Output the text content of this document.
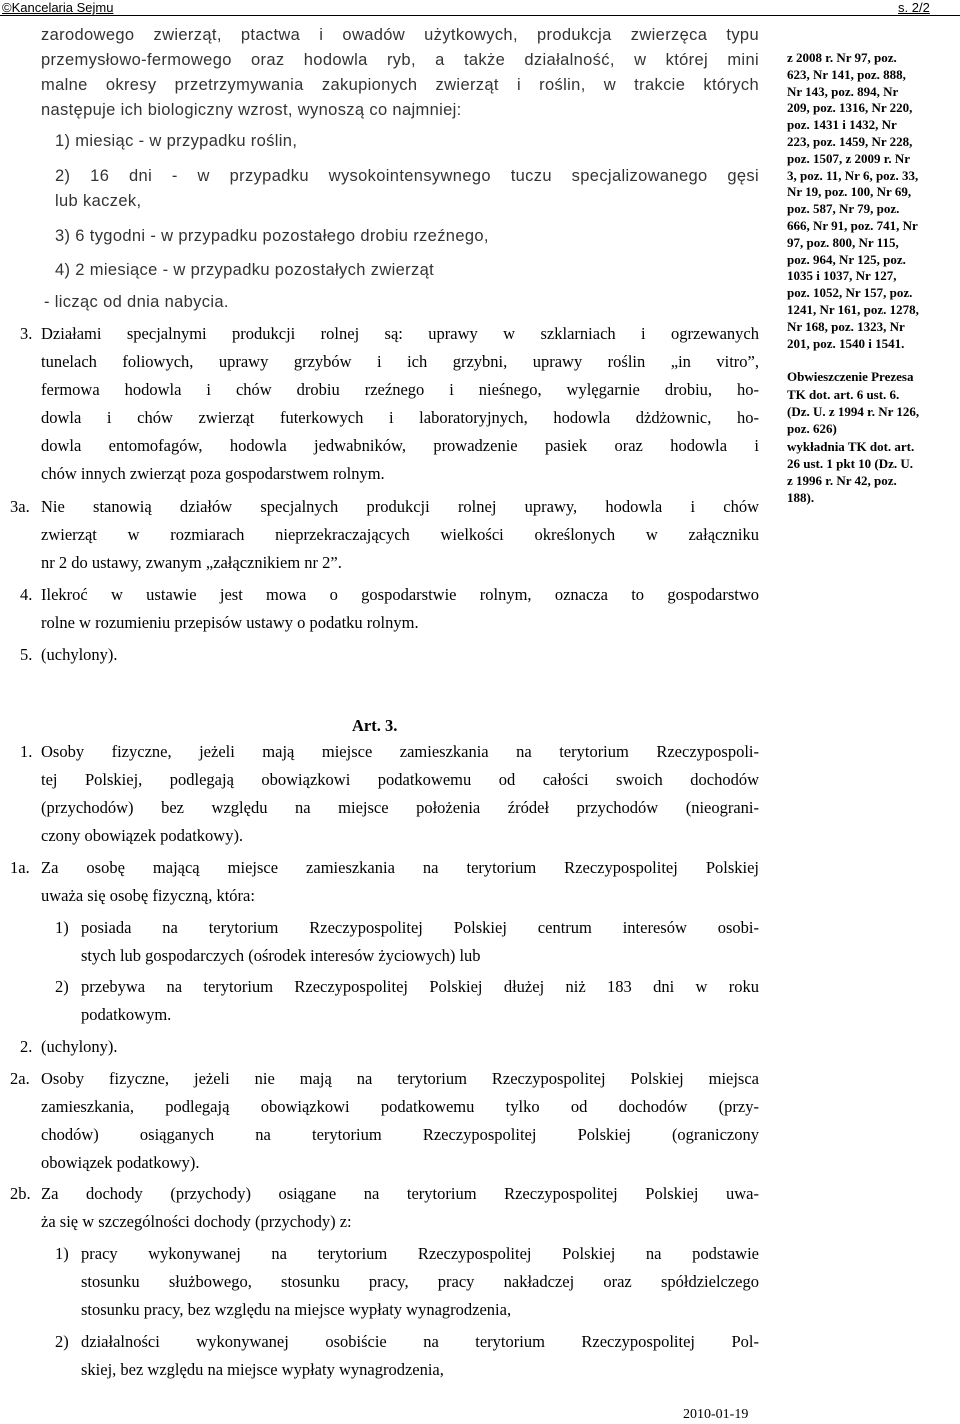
©Kancelaria Sejmu	s. 2/2
zarodowego zwierząt, ptactwa i owadów użytkowych, produkcja zwierzęca typu
przemysłowo-fermowego oraz hodowla ryb, a także działalność, w której mini
malne okresy przetrzymywania zakupionych zwierząt i roślin, w trakcie których
następuje ich biologiczny wzrost, wynoszą co najmniej:
1) miesiąc - w przypadku roślin,
2) 16 dni - w przypadku wysokointensywnego tuczu specjalizowanego gęsi
lub kaczek,
3) 6 tygodni - w przypadku pozostałego drobiu rzeźnego,
4) 2 miesiące - w przypadku pozostałych zwierząt
- licząc od dnia nabycia.
3. Działami specjalnymi produkcji rolnej są: uprawy w szklarniach i ogrzewanych
tunelach foliowych, uprawy grzybów i ich grzybni, uprawy roślin „in vitro”,
fermowa hodowla i chów drobiu rzeźnego i nieśnego, wylęgarnie drobiu, ho-
dowla i chów zwierząt futerkowych i laboratoryjnych, hodowla dżdżownic, ho-
dowla entomofagów, hodowla jedwabników, prowadzenie pasiek oraz hodowla i
chów innych zwierząt poza gospodarstwem rolnym.
3a. Nie stanowią działów specjalnych produkcji rolnej uprawy, hodowla i chów
zwierząt w rozmiarach nieprzekraczających wielkości określonych w załączniku
nr 2 do ustawy, zwanym „załącznikiem nr 2”.
4. Ilekroć w ustawie jest mowa o gospodarstwie rolnym, oznacza to gospodarstwo
rolne w rozumieniu przepisów ustawy o podatku rolnym.
5. (uchylony).
Art. 3.
1. Osoby fizyczne, jeżeli mają miejsce zamieszkania na terytorium Rzeczypospoli-
tej Polskiej, podlegają obowiązkowi podatkowemu od całości swoich dochodów
(przychodów) bez względu na miejsce położenia źródeł przychodów (nieograni-
czony obowiązek podatkowy).
1a. Za osobę mającą miejsce zamieszkania na terytorium Rzeczypospolitej Polskiej
uważa się osobę fizyczną, która:
1) posiada na terytorium Rzeczypospolitej Polskiej centrum interesów osobi-
stych lub gospodarczych (ośrodek interesów życiowych) lub
2) przebywa na terytorium Rzeczypospolitej Polskiej dłużej niż 183 dni w roku
podatkowym.
2. (uchylony).
2a. Osoby fizyczne, jeżeli nie mają na terytorium Rzeczypospolitej Polskiej miejsca
zamieszkania, podlegają obowiązkowi podatkowemu tylko od dochodów (przy-
chodów) osiąganych na terytorium Rzeczypospolitej Polskiej (ograniczony
obowiązek podatkowy).
2b. Za dochody (przychody) osiągane na terytorium Rzeczypospolitej Polskiej uwa-
ża się w szczególności dochody (przychody) z:
1) pracy wykonywanej na terytorium Rzeczypospolitej Polskiej na podstawie
stosunku służbowego, stosunku pracy, pracy nakładczej oraz spółdzielczego
stosunku pracy, bez względu na miejsce wypłaty wynagrodzenia,
2) działalności wykonywanej osobiście na terytorium Rzeczypospolitej Pol-
skiej, bez względu na miejsce wypłaty wynagrodzenia,
z 2008 r. Nr 97, poz.
623, Nr 141, poz. 888,
Nr 143, poz. 894, Nr
209, poz. 1316, Nr 220,
poz. 1431 i 1432, Nr
223, poz. 1459, Nr 228,
poz. 1507, z 2009 r. Nr
3, poz. 11, Nr 6, poz. 33,
Nr 19, poz. 100, Nr 69,
poz. 587, Nr 79, poz.
666, Nr 91, poz. 741, Nr
97, poz. 800, Nr 115,
poz. 964, Nr 125, poz.
1035 i 1037, Nr 127,
poz. 1052, Nr 157, poz.
1241, Nr 161, poz. 1278,
Nr 168, poz. 1323, Nr
201, poz. 1540 i 1541.
Obwieszczenie Prezesa
TK dot. art. 6 ust. 6.
(Dz. U. z 1994 r. Nr 126,
poz. 626)
wykładnia TK dot. art.
26 ust. 1 pkt 10 (Dz. U.
z 1996 r. Nr 42, poz.
188).
2010-01-19
